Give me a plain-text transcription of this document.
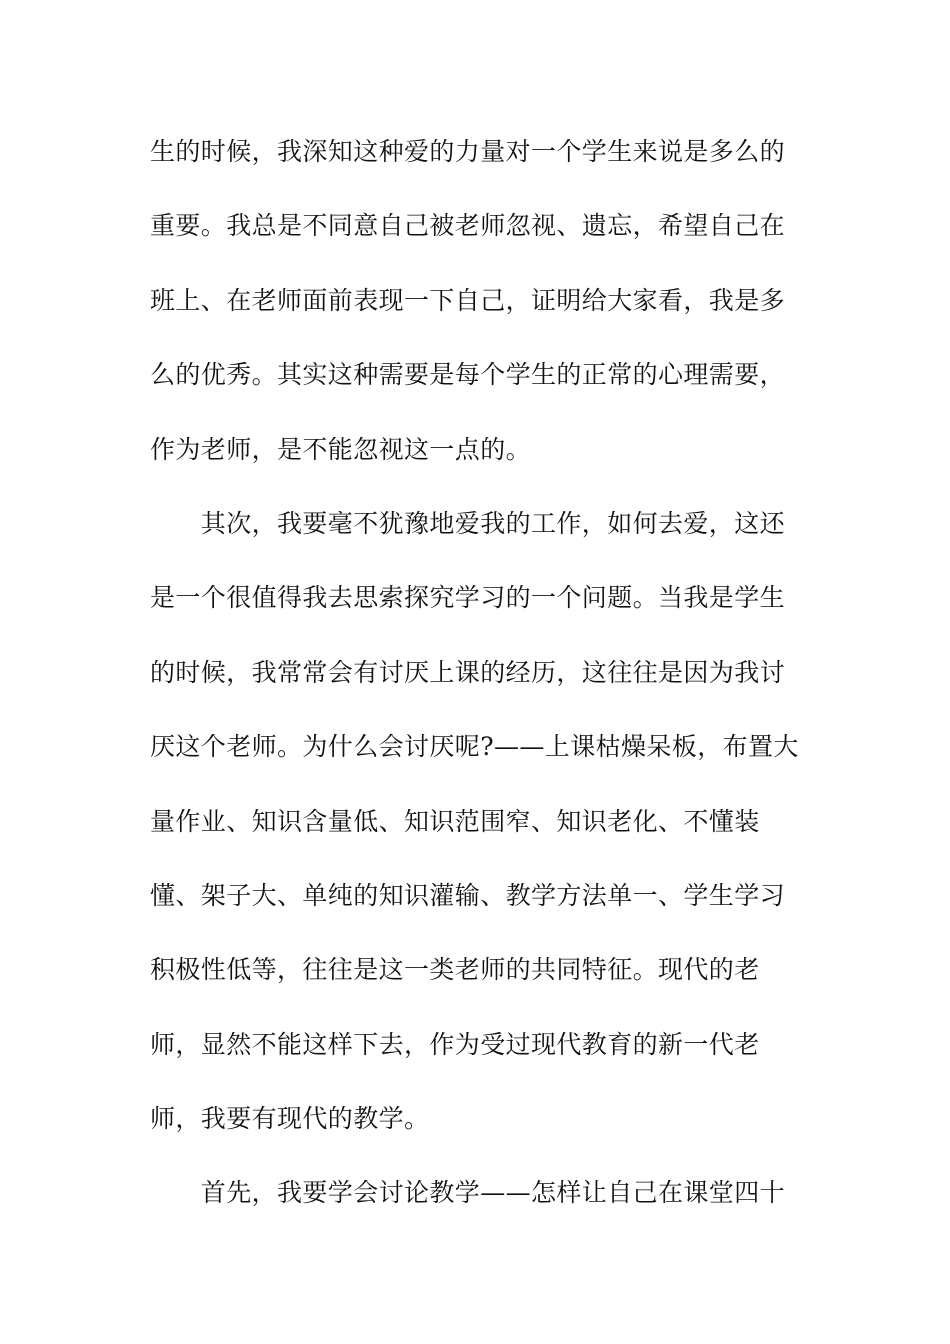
生的时候，我深知这种爱的力量对一个学生来说是多么的
重要。我总是不同意自己被老师忽视、遗忘，希望自己在
班上、在老师面前表现一下自己，证明给大家看，我是多
么的优秀。其实这种需要是每个学生的正常的心理需要，
作为老师，是不能忽视这一点的。
　　其次，我要毫不犹豫地爱我的工作，如何去爱，这还
是一个很值得我去思索探究学习的一个问题。当我是学生
的时候，我常常会有讨厌上课的经历，这往往是因为我讨
厌这个老师。为什么会讨厌呢?——上课枯燥呆板，布置大
量作业、知识含量低、知识范围窄、知识老化、不懂装
懂、架子大、单纯的知识灌输、教学方法单一、学生学习
积极性低等，往往是这一类老师的共同特征。现代的老
师，显然不能这样下去，作为受过现代教育的新一代老
师，我要有现代的教学。
　　首先，我要学会讨论教学——怎样让自己在课堂四十
